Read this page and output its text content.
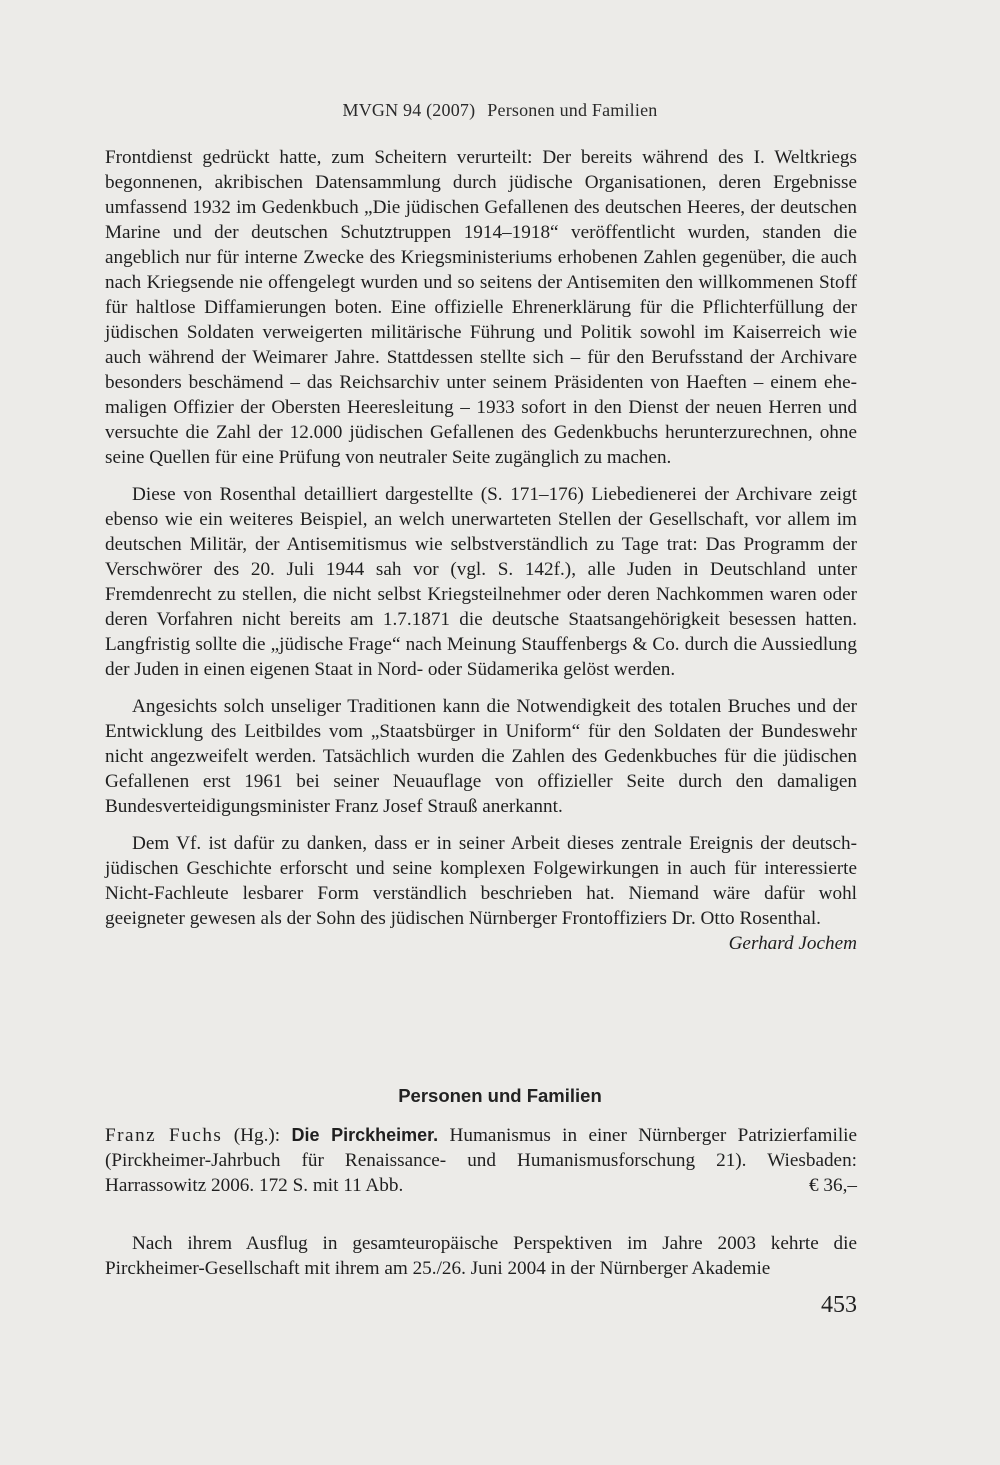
MVGN 94 (2007) Personen und Familien

Frontdienst gedrückt hatte, zum Scheitern verurteilt: Der bereits während des I. Weltkriegs begonnenen, akribischen Datensammlung durch jüdische Organisationen, deren Ergebnisse umfassend 1932 im Gedenkbuch „Die jüdischen Gefallenen des deutschen Heeres, der deutschen Marine und der deutschen Schutztruppen 1914–1918“ veröffentlicht wurden, standen die angeblich nur für interne Zwecke des Kriegsministeriums erhobenen Zahlen gegenüber, die auch nach Kriegsende nie offengelegt wurden und so seitens der Antisemiten den willkommenen Stoff für haltlose Diffamierungen boten. Eine offizielle Ehrenerklärung für die Pflichterfüllung der jüdischen Soldaten verweigerten militärische Führung und Politik sowohl im Kaiserreich wie auch während der Weimarer Jahre. Stattdessen stellte sich – für den Berufsstand der Archivare besonders beschämend – das Reichsarchiv unter seinem Präsidenten von Haeften – einem ehemaligen Offizier der Obersten Heeresleitung – 1933 sofort in den Dienst der neuen Herren und versuchte die Zahl der 12.000 jüdischen Gefallenen des Gedenkbuchs herunterzurechnen, ohne seine Quellen für eine Prüfung von neutraler Seite zugänglich zu machen.

Diese von Rosenthal detailliert dargestellte (S. 171–176) Liebedienerei der Archivare zeigt ebenso wie ein weiteres Beispiel, an welch unerwarteten Stellen der Gesellschaft, vor allem im deutschen Militär, der Antisemitismus wie selbstverständlich zu Tage trat: Das Programm der Verschwörer des 20. Juli 1944 sah vor (vgl. S. 142f.), alle Juden in Deutschland unter Fremdenrecht zu stellen, die nicht selbst Kriegsteilnehmer oder deren Nachkommen waren oder deren Vorfahren nicht bereits am 1.7.1871 die deutsche Staatsangehörigkeit besessen hatten. Langfristig sollte die „jüdische Frage“ nach Meinung Stauffenbergs & Co. durch die Aussiedlung der Juden in einen eigenen Staat in Nord- oder Südamerika gelöst werden.

Angesichts solch unseliger Traditionen kann die Notwendigkeit des totalen Bruches und der Entwicklung des Leitbildes vom „Staatsbürger in Uniform“ für den Soldaten der Bundeswehr nicht angezweifelt werden. Tatsächlich wurden die Zahlen des Gedenkbuches für die jüdischen Gefallenen erst 1961 bei seiner Neuauflage von offizieller Seite durch den damaligen Bundesverteidigungsminister Franz Josef Strauß anerkannt.

Dem Vf. ist dafür zu danken, dass er in seiner Arbeit dieses zentrale Ereignis der deutsch-jüdischen Geschichte erforscht und seine komplexen Folgewirkungen in auch für interessierte Nicht-Fachleute lesbarer Form verständlich beschrieben hat. Niemand wäre dafür wohl geeigneter gewesen als der Sohn des jüdischen Nürnberger Frontoffiziers Dr. Otto Rosenthal.
Gerhard Jochem

Personen und Familien
Franz Fuchs (Hg.): Die Pirckheimer. Humanismus in einer Nürnberger Patrizierfamilie (Pirckheimer-Jahrbuch für Renaissance- und Humanismusforschung 21). Wiesbaden: Harrassowitz 2006. 172 S. mit 11 Abb.	€ 36,–

Nach ihrem Ausflug in gesamteuropäische Perspektiven im Jahre 2003 kehrte die Pirckheimer-Gesellschaft mit ihrem am 25./26. Juni 2004 in der Nürnberger Akademie

453
